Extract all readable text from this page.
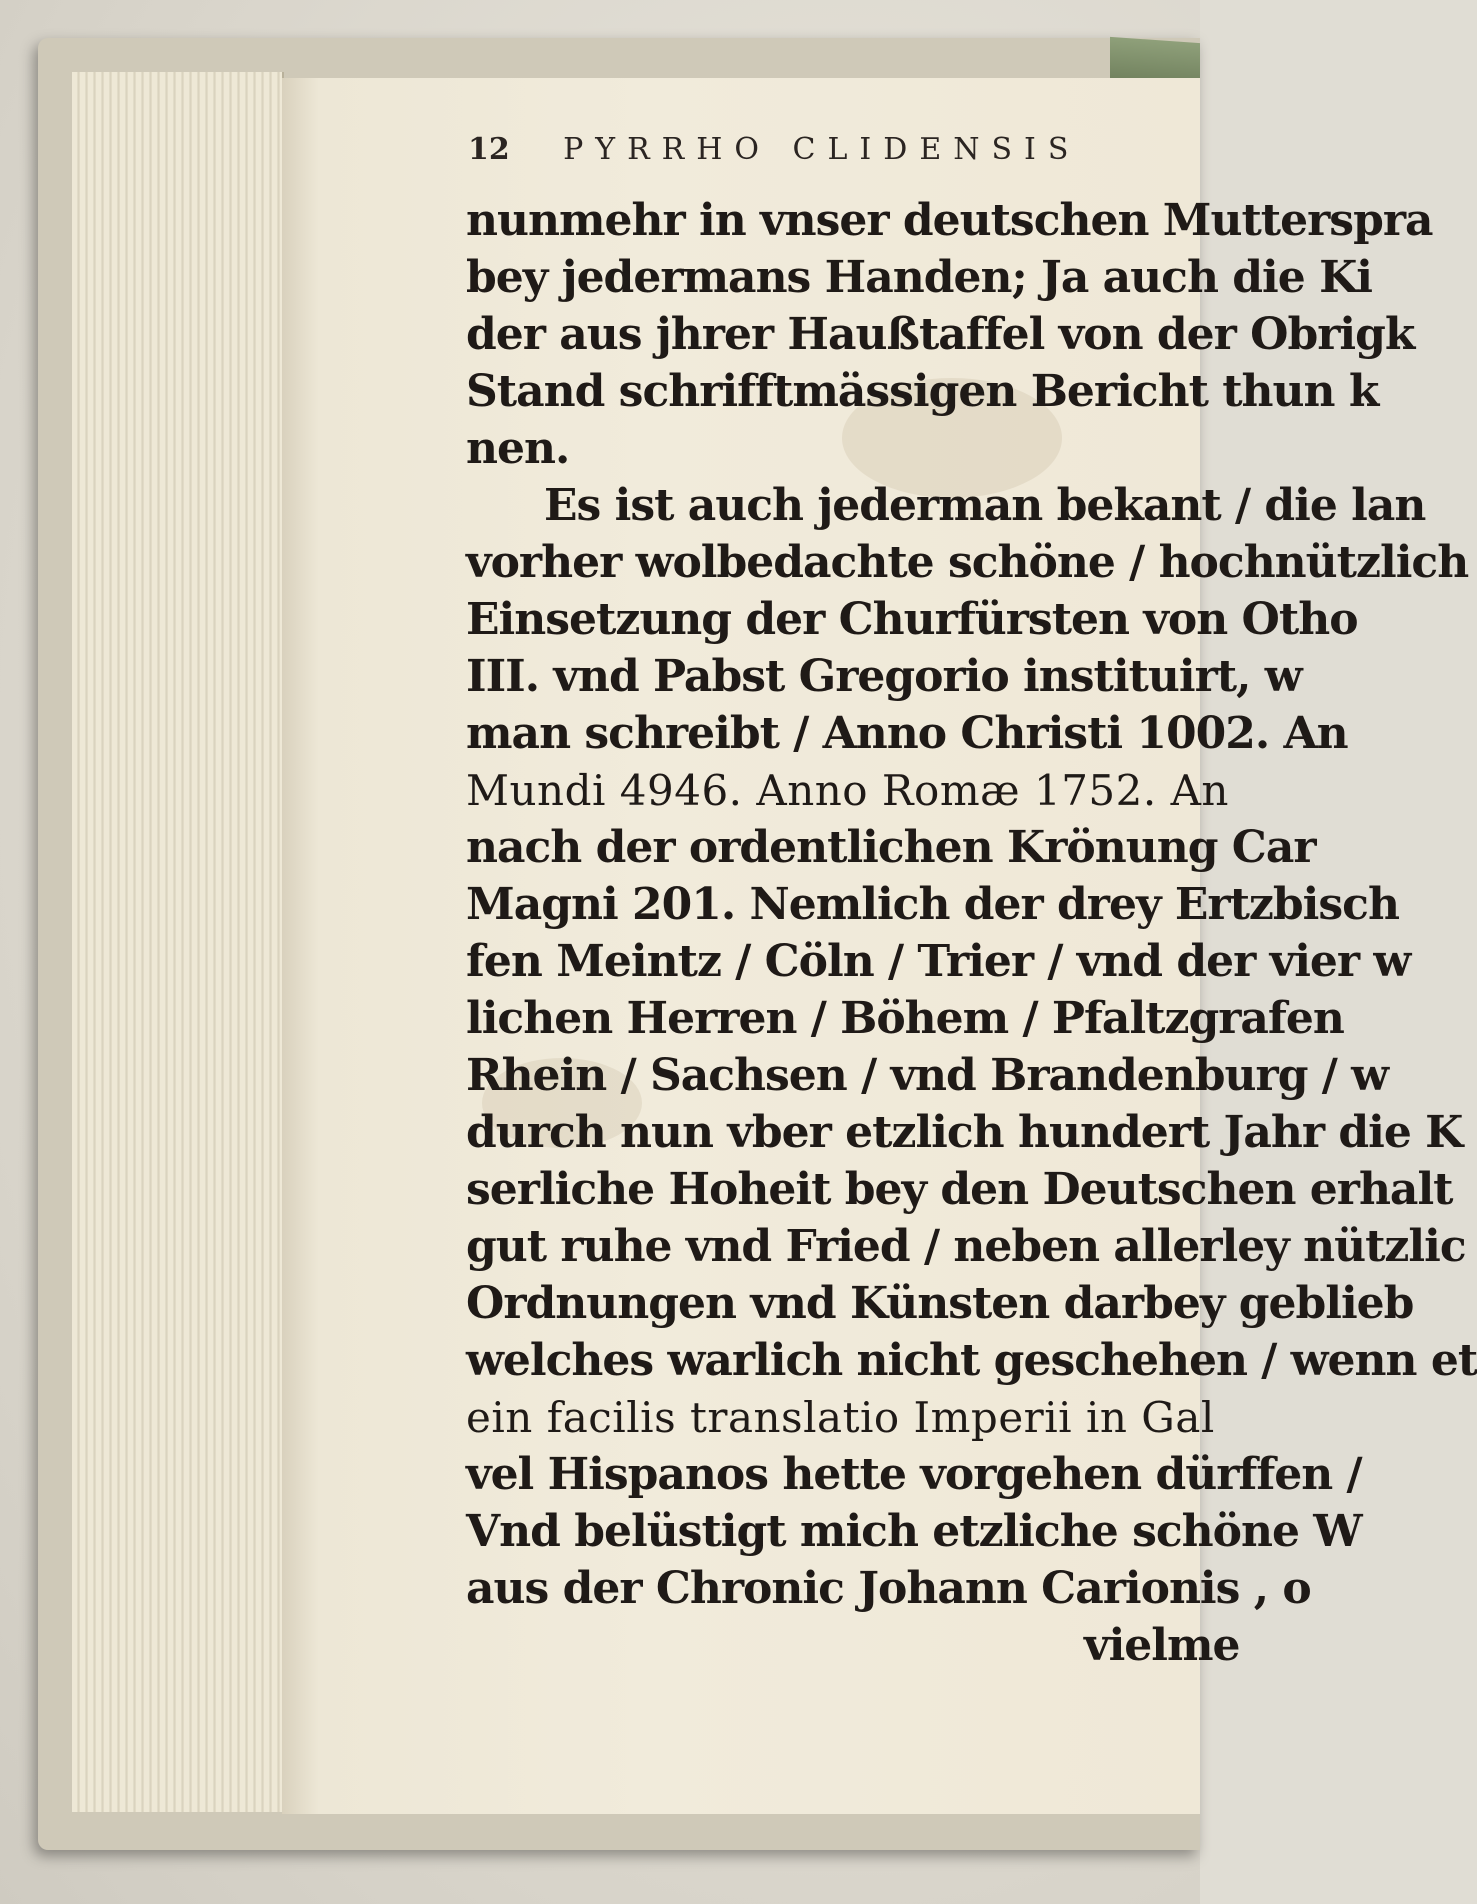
12 PYRRHO CLIDENSIS
nunmehr in vnser deutschen Mutterspra
bey jedermans Handen; Ja auch die Ki
der aus jhrer Haußtaffel von der Obrigk
Stand schrifftmässigen Bericht thun k
nen.
Es ist auch jederman bekant / die lan
vorher wolbedachte schöne / hochnützlich
Einsetzung der Churfürsten von Otho
III. vnd Pabst Gregorio instituirt, w
man schreibt / Anno Christi 1002. An
Mundi 4946. Anno Romæ 1752. An
nach der ordentlichen Krönung Car
Magni 201. Nemlich der drey Ertzbisch
fen Meintz / Cöln / Trier / vnd der vier w
lichen Herren / Böhem / Pfaltzgrafen
Rhein / Sachsen / vnd Brandenburg / w
durch nun vber etzlich hundert Jahr die K
serliche Hoheit bey den Deutschen erhalt
gut ruhe vnd Fried / neben allerley nützlic
Ordnungen vnd Künsten darbey geblieb
welches warlich nicht geschehen / wenn et
ein facilis translatio Imperii in Gal
vel Hispanos hette vorgehen dürffen /
Vnd belüstigt mich etzliche schöne W
aus der Chronic Johann Carionis , o
vielme
